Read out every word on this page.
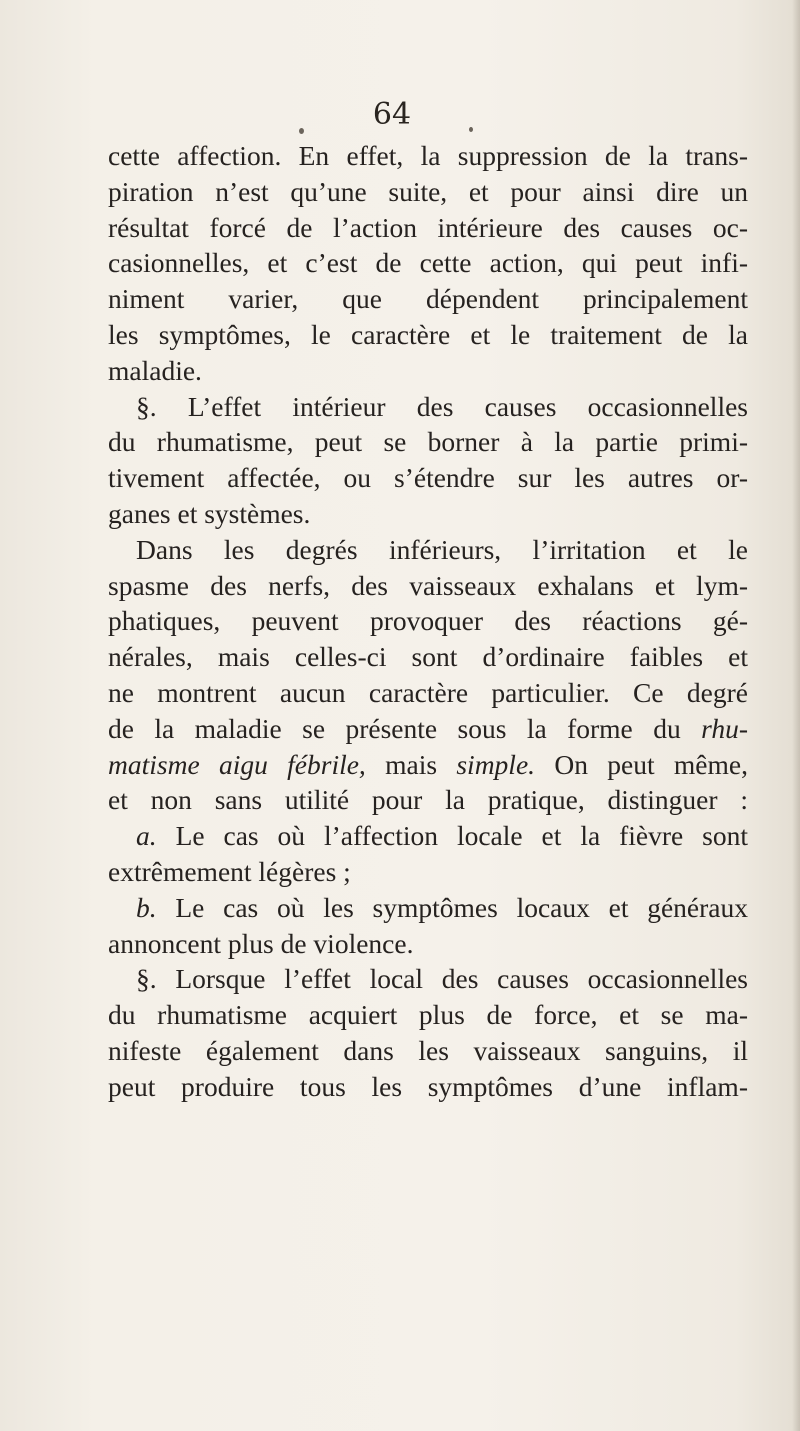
64
cette affection. En effet, la suppression de la trans-
piration n’est qu’une suite, et pour ainsi dire un
résultat forcé de l’action intérieure des causes oc-
casionnelles, et c’est de cette action, qui peut infi-
niment varier, que dépendent principalement
les symptômes, le caractère et le traitement de la
maladie.
§. L’effet intérieur des causes occasionnelles
du rhumatisme, peut se borner à la partie primi-
tivement affectée, ou s’étendre sur les autres or-
ganes et systèmes.
Dans les degrés inférieurs, l’irritation et le
spasme des nerfs, des vaisseaux exhalans et lym-
phatiques, peuvent provoquer des réactions gé-
nérales, mais celles-ci sont d’ordinaire faibles et
ne montrent aucun caractère particulier. Ce degré
de la maladie se présente sous la forme du rhu-
matisme aigu fébrile, mais simple. On peut même,
et non sans utilité pour la pratique, distinguer :
a. Le cas où l’affection locale et la fièvre sont
extrêmement légères ;
b. Le cas où les symptômes locaux et généraux
annoncent plus de violence.
§. Lorsque l’effet local des causes occasionnelles
du rhumatisme acquiert plus de force, et se ma-
nifeste également dans les vaisseaux sanguins, il
peut produire tous les symptômes d’une inflam-
